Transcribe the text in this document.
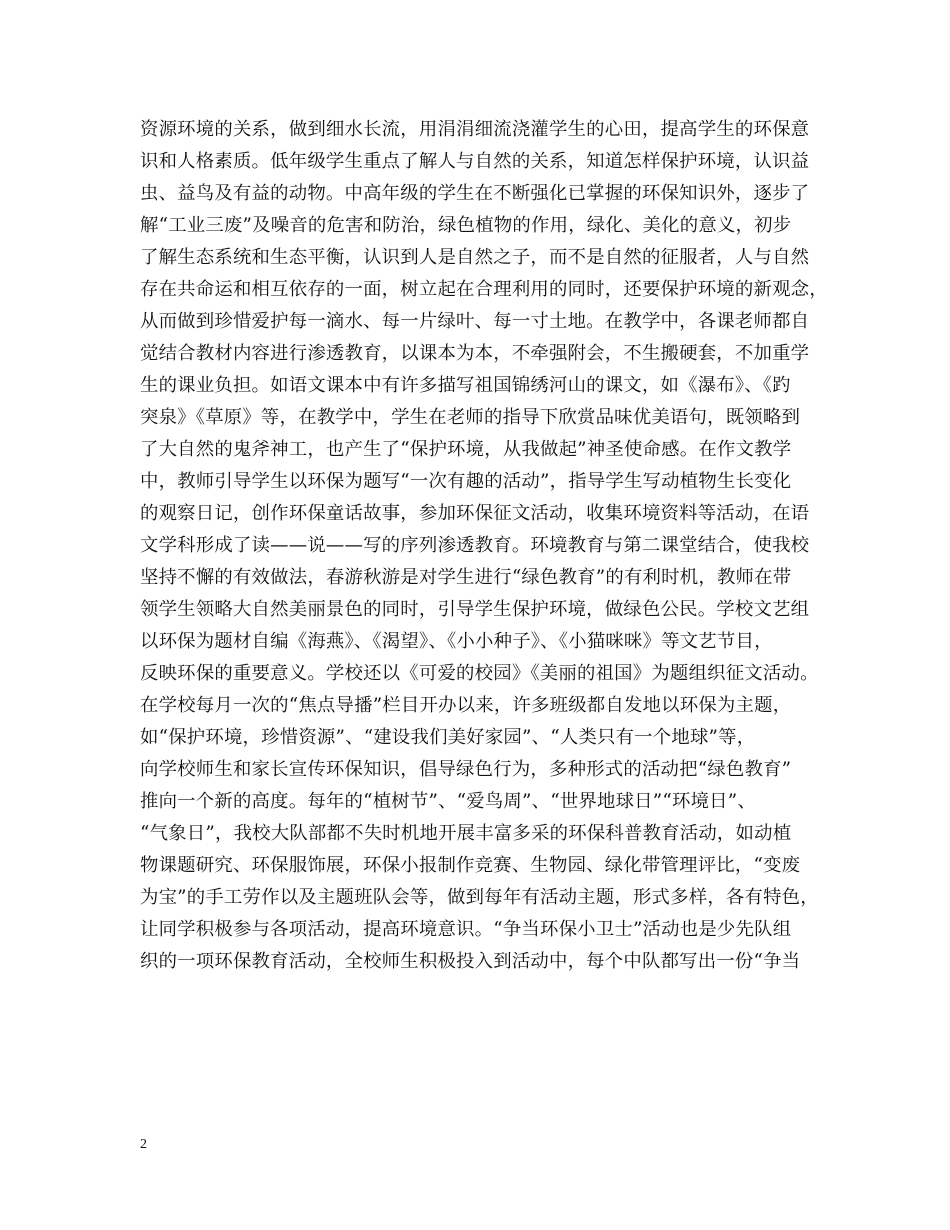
资源环境的关系，做到细水长流，用涓涓细流浇灌学生的心田，提高学生的环保意
识和人格素质。低年级学生重点了解人与自然的关系，知道怎样保护环境，认识益
虫、益鸟及有益的动物。中高年级的学生在不断强化已掌握的环保知识外，逐步了
解“工业三废”及噪音的危害和防治，绿色植物的作用，绿化、美化的意义，初步
了解生态系统和生态平衡，认识到人是自然之子，而不是自然的征服者，人与自然
存在共命运和相互依存的一面，树立起在合理利用的同时，还要保护环境的新观念，
从而做到珍惜爱护每一滴水、每一片绿叶、每一寸土地。在教学中，各课老师都自
觉结合教材内容进行渗透教育，以课本为本，不牵强附会，不生搬硬套，不加重学
生的课业负担。如语文课本中有许多描写祖国锦绣河山的课文，如《瀑布》、《趵
突泉》《草原》等，在教学中，学生在老师的指导下欣赏品味优美语句，既领略到
了大自然的鬼斧神工，也产生了“保护环境，从我做起”神圣使命感。在作文教学
中，教师引导学生以环保为题写“一次有趣的活动”，指导学生写动植物生长变化
的观察日记，创作环保童话故事，参加环保征文活动，收集环境资料等活动，在语
文学科形成了读——说——写的序列渗透教育。环境教育与第二课堂结合，使我校
坚持不懈的有效做法，春游秋游是对学生进行“绿色教育”的有利时机，教师在带
领学生领略大自然美丽景色的同时，引导学生保护环境，做绿色公民。学校文艺组
以环保为题材自编《海燕》、《渴望》、《小小种子》、《小猫咪咪》等文艺节目，
反映环保的重要意义。学校还以《可爱的校园》《美丽的祖国》为题组织征文活动。
在学校每月一次的“焦点导播”栏目开办以来，许多班级都自发地以环保为主题，
如“保护环境，珍惜资源”、“建设我们美好家园”、“人类只有一个地球”等，
向学校师生和家长宣传环保知识，倡导绿色行为，多种形式的活动把“绿色教育”
推向一个新的高度。每年的“植树节”、“爱鸟周”、“世界地球日”“环境日”、
“气象日”，我校大队部都不失时机地开展丰富多采的环保科普教育活动，如动植
物课题研究、环保服饰展，环保小报制作竞赛、生物园、绿化带管理评比，“变废
为宝”的手工劳作以及主题班队会等，做到每年有活动主题，形式多样，各有特色，
让同学积极参与各项活动，提高环境意识。“争当环保小卫士”活动也是少先队组
织的一项环保教育活动，全校师生积极投入到活动中，每个中队都写出一份“争当
2
